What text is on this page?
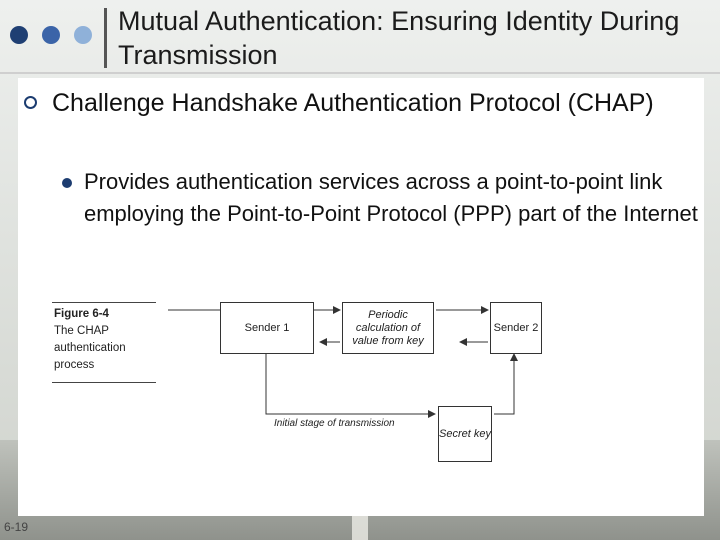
Mutual Authentication: Ensuring Identity During Transmission
Challenge Handshake Authentication Protocol (CHAP)
Provides authentication services across a point-to-point link employing the Point-to-Point Protocol (PPP) part of the Internet
Figure 6-4
The CHAP authentication process
Sender 1
Periodic calculation of value from key
Sender 2
Initial stage of transmission
Secret key
6-19
